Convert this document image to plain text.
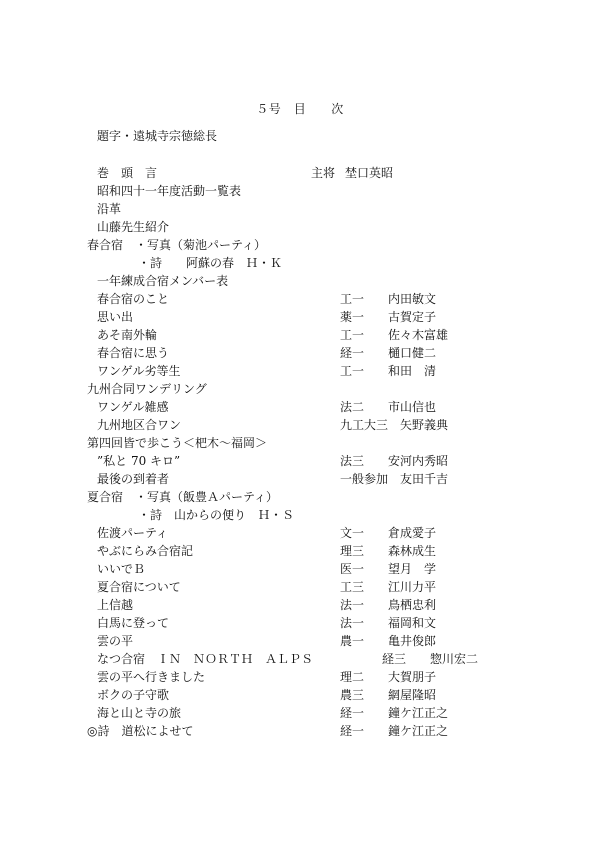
５号　目　　次
題字・遠城寺宗徳総長
巻　頭　言	主将 埜口英昭
昭和四十一年度活動一覧表
沿革
山藤先生紹介
春合宿　・写真（菊池パーティ）
・詩　　阿蘇の春　Ｈ・Ｋ
一年練成合宿メンバー表
春合宿のこと	工一 内田敏文
思い出	薬一 古賀定子
あそ南外輪	工一 佐々木富雄
春合宿に思う	経一 樋口健二
ワンゲル劣等生	工一 和田　清
九州合同ワンデリング
ワンゲル雑感	法二 市山信也
九州地区合ワン	九工大三 矢野義典
第四回皆で歩こう＜杷木～福岡＞
”私と 70 キロ”	法三 安河内秀昭
最後の到着者	一般参加 友田千吉
夏合宿　・写真（飯豊Ａパーティ）
・詩　山からの便り　Ｈ・Ｓ
佐渡パーティ	文一 倉成愛子
やぶにらみ合宿記	理三 森林成生
いいでＢ	医一 望月　学
夏合宿について	工三 江川力平
上信越	法一 鳥栖忠利
白馬に登って	法一 福岡和文
雲の平	農一 亀井俊郎
なつ合宿　ＩＮ　ＮＯＲＴＨ　ＡＬＰＳ	経三 惣川宏二
雲の平へ行きました	理二 大賀朋子
ボクの子守歌	農三 網屋隆昭
海と山と寺の旅	経一 鐘ケ江正之
◎詩　道松によせて	経一 鐘ケ江正之
